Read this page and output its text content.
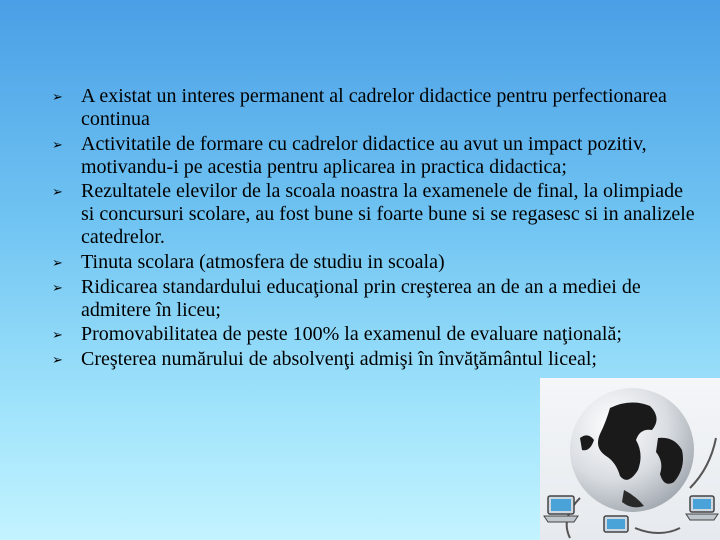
➢ A existat un interes permanent al cadrelor didactice pentru perfectionarea continua
➢ Activitatile de formare cu cadrelor didactice au avut un impact pozitiv, motivandu-i pe acestia pentru aplicarea in practica didactica;
➢ Rezultatele elevilor de la scoala noastra la examenele de final, la olimpiade si concursuri scolare, au fost bune si foarte bune si se regasesc si in analizele catedrelor.
➢ Tinuta scolara (atmosfera de studiu in scoala)
➢ Ridicarea standardului educaţional prin creşterea an de an a mediei de admitere în liceu;
➢ Promovabilitatea de peste 100% la examenul de evaluare naţională;
➢ Creşterea numărului de absolvenţi admişi în învăţământul liceal;
